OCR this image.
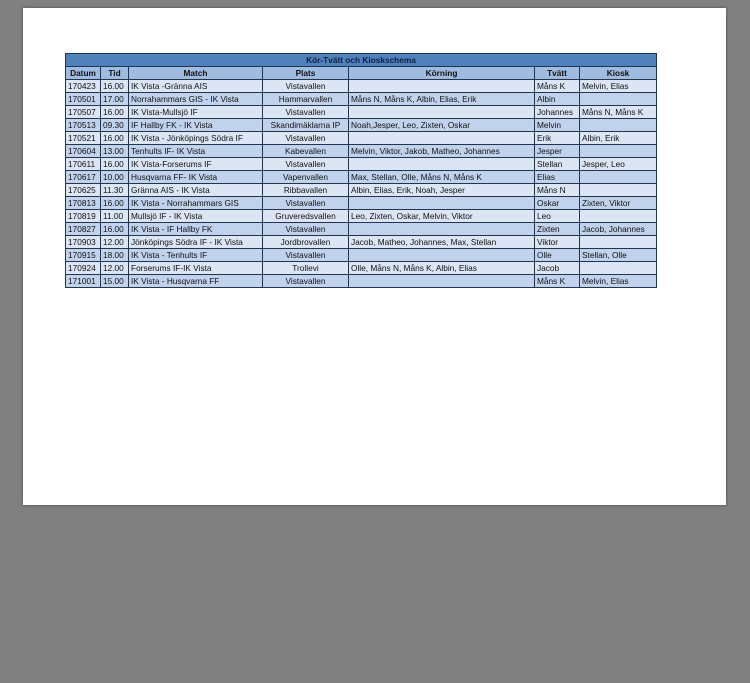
Kör-Tvätt och Kioskschema						
Datum	Tid	Match	Plats	Körning	Tvätt	Kiosk
170423	16.00	IK Vista -Gränna AIS	Vistavallen		Måns K	Melvin, Elias
170501	17.00	Norrahammars GIS - IK Vista	Hammarvallen	Måns N, Måns K, Albin, Elias, Erik	Albin	
170507	16.00	IK Vista-Mullsjö IF	Vistavallen		Johannes	Måns N, Måns K
170513	09.30	IF Hallby FK - IK Vista	Skandimäklarna IP	Noah,Jesper, Leo, Zixten, Oskar	Melvin	
170521	16.00	IK Vista - Jönköpings Södra IF	Vistavallen		Erik	Albin, Erik
170604	13.00	Tenhults IF- IK Vista	Kabevallen	Melvin, Viktor, Jakob, Matheo, Johannes	Jesper	
170611	16.00	IK Vista-Forserums IF	Vistavallen		Stellan	Jesper, Leo
170617	10.00	Husqvarna FF- IK Vista	Vapenvallen	Max, Stellan, Olle, Måns N, Måns K	Elias	
170625	11.30	Gränna AIS - IK Vista	Ribbavallen	Albin, Elias, Erik, Noah, Jesper	Måns N	
170813	16.00	IK Vista - Norrahammars GIS	Vistavallen		Oskar	Zixten, Viktor
170819	11.00	Mullsjö IF - IK Vista	Gruveredsvallen	Leo, Zixten, Oskar, Melvin, Viktor	Leo	
170827	16.00	IK Vista - IF Hallby FK	Vistavallen		Zixten	Jacob, Johannes
170903	12.00	Jönköpings Södra IF - IK Vista	Jordbrovallen	Jacob, Matheo, Johannes, Max, Stellan	Viktor	
170915	18.00	IK Vista - Tenhults IF	Vistavallen		Olle	Stellan, Olle
170924	12.00	Forserums IF-IK Vista	Trollevi	Olle, Måns N, Måns K, Albin, Elias	Jacob	
171001	15.00	IK Vista - Husqvarna FF	Vistavallen		Måns K	Melvin, Elias
